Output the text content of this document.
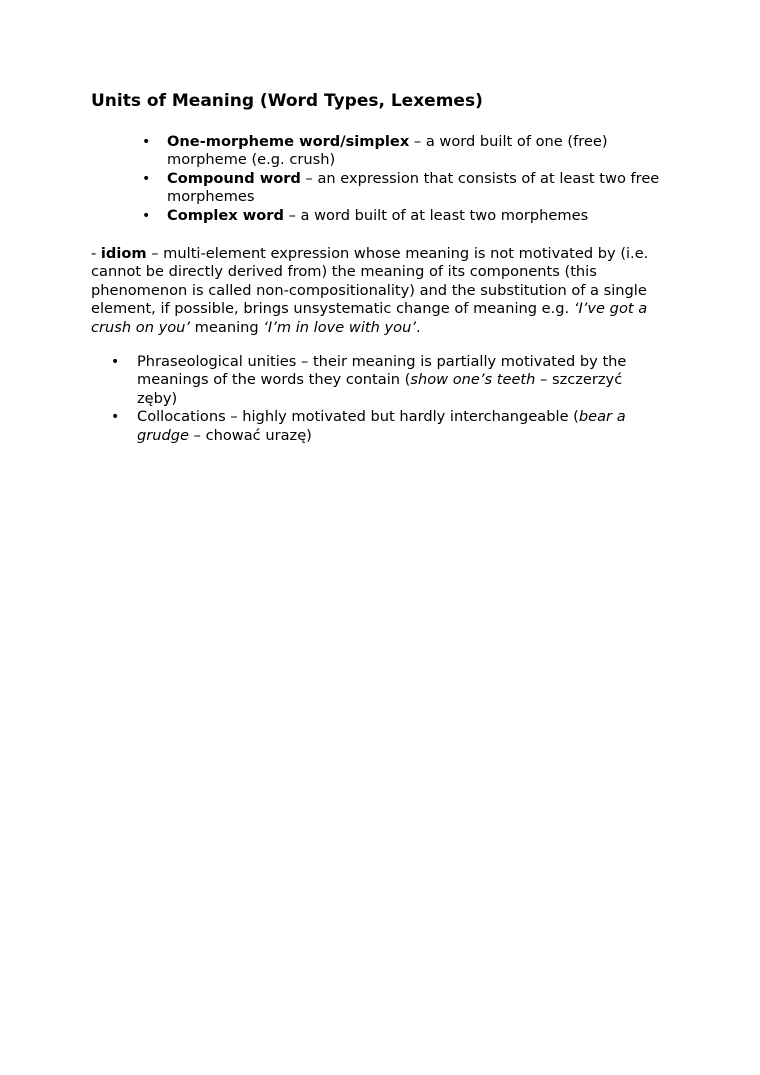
Units of Meaning (Word Types, Lexemes)
• One-morpheme word/simplex – a word built of one (free) morpheme (e.g. crush)
• Compound word – an expression that consists of at least two free morphemes
• Complex word – a word built of at least two morphemes

- idiom – multi-element expression whose meaning is not motivated by (i.e. cannot be directly derived from) the meaning of its components (this phenomenon is called non-compositionality) and the substitution of a single element, if possible, brings unsystematic change of meaning e.g. ‘I’ve got a crush on you’ meaning ‘I’m in love with you’.

• Phraseological unities – their meaning is partially motivated by the meanings of the words they contain (show one’s teeth – szczerzyć zęby)
• Collocations – highly motivated but hardly interchangeable (bear a grudge – chować urazę)
